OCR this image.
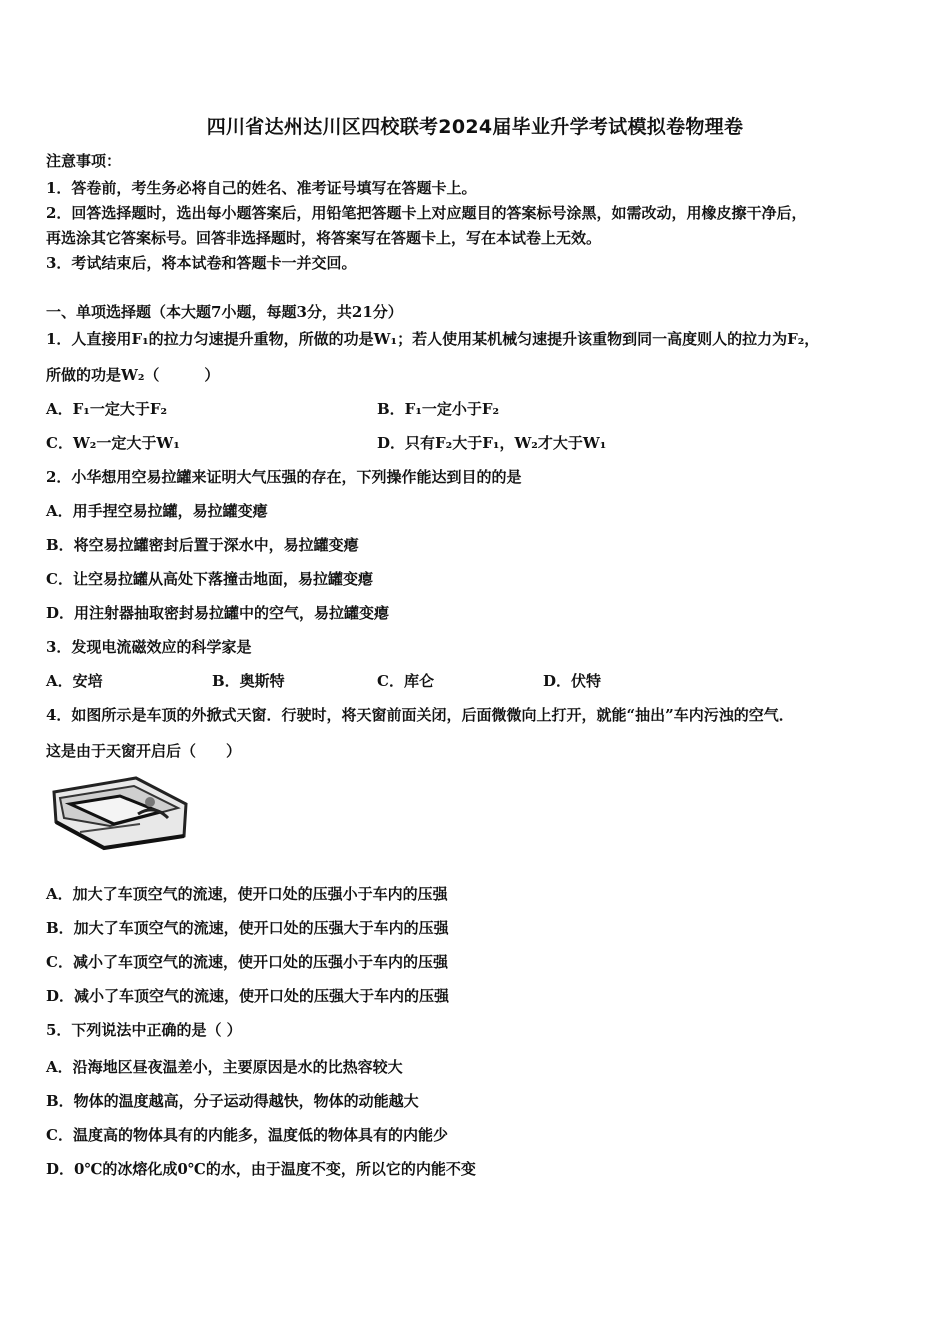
四川省达州达川区四校联考2024届毕业升学考试模拟卷物理卷
注意事项：
1．答卷前，考生务必将自己的姓名、准考证号填写在答题卡上。
2．回答选择题时，选出每小题答案后，用铅笔把答题卡上对应题目的答案标号涂黑，如需改动，用橡皮擦干净后，
再选涂其它答案标号。回答非选择题时，将答案写在答题卡上，写在本试卷上无效。
3．考试结束后，将本试卷和答题卡一并交回。
一、单项选择题（本大题7小题，每题3分，共21分）
1．人直接用F₁的拉力匀速提升重物，所做的功是W₁；若人使用某机械匀速提升该重物到同一高度则人的拉力为F₂，
所做的功是W₂（　　　）
A．F₁一定大于F₂	B．F₁一定小于F₂
C．W₂一定大于W₁	D．只有F₂大于F₁，W₂才大于W₁
2．小华想用空易拉罐来证明大气压强的存在，下列操作能达到目的的是
A．用手捏空易拉罐，易拉罐变瘪
B．将空易拉罐密封后置于深水中，易拉罐变瘪
C．让空易拉罐从高处下落撞击地面，易拉罐变瘪
D．用注射器抽取密封易拉罐中的空气，易拉罐变瘪
3．发现电流磁效应的科学家是
A．安培	B．奥斯特	C．库仑	D．伏特
4．如图所示是车顶的外掀式天窗．行驶时，将天窗前面关闭，后面微微向上打开，就能“抽出”车内污浊的空气．
这是由于天窗开启后（　　）
A．加大了车顶空气的流速，使开口处的压强小于车内的压强
B．加大了车顶空气的流速，使开口处的压强大于车内的压强
C．减小了车顶空气的流速，使开口处的压强小于车内的压强
D．减小了车顶空气的流速，使开口处的压强大于车内的压强
5．下列说法中正确的是（ ）
A．沿海地区昼夜温差小，主要原因是水的比热容较大
B．物体的温度越高，分子运动得越快，物体的动能越大
C．温度高的物体具有的内能多，温度低的物体具有的内能少
D．0℃的冰熔化成0℃的水，由于温度不变，所以它的内能不变
